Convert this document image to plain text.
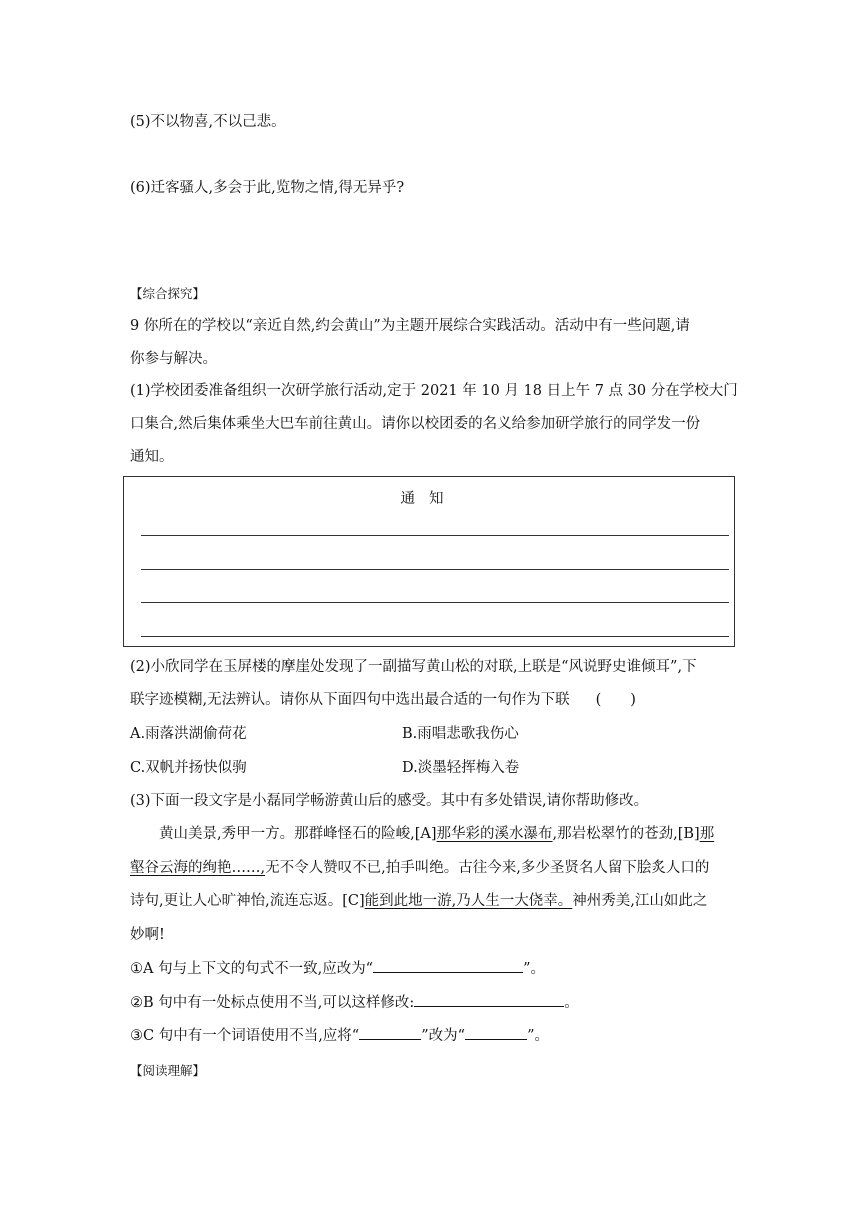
(5)不以物喜,不以己悲。
(6)迁客骚人,多会于此,览物之情,得无异乎?
【综合探究】
9 你所在的学校以“亲近自然,约会黄山”为主题开展综合实践活动。活动中有一些问题,请
你参与解决。
(1)学校团委准备组织一次研学旅行活动,定于 2021 年 10 月 18 日上午 7 点 30 分在学校大门
口集合,然后集体乘坐大巴车前往黄山。请你以校团委的名义给参加研学旅行的同学发一份
通知。
通知
(2)小欣同学在玉屏楼的摩崖处发现了一副描写黄山松的对联,上联是“风说野史谁倾耳”,下
联字迹模糊,无法辨认。请你从下面四句中选出最合适的一句作为下联 (　　)
A.雨落洪湖偷荷花	B.雨唱悲歌我伤心
C.双帆并扬快似驹	D.淡墨轻挥梅入卷
(3)下面一段文字是小磊同学畅游黄山后的感受。其中有多处错误,请你帮助修改。
黄山美景,秀甲一方。那群峰怪石的险峻,[A]那华彩的溪水瀑布,那岩松翠竹的苍劲,[B]那
壑谷云海的绚艳……,无不令人赞叹不已,拍手叫绝。古往今来,多少圣贤名人留下脍炙人口的
诗句,更让人心旷神怡,流连忘返。[C]能到此地一游,乃人生一大侥幸。神州秀美,江山如此之
妙啊!
①A 句与上下文的句式不一致,应改为“	”。
②B 句中有一处标点使用不当,可以这样修改:	。
③C 句中有一个词语使用不当,应将“	”改为“	”。
【阅读理解】
